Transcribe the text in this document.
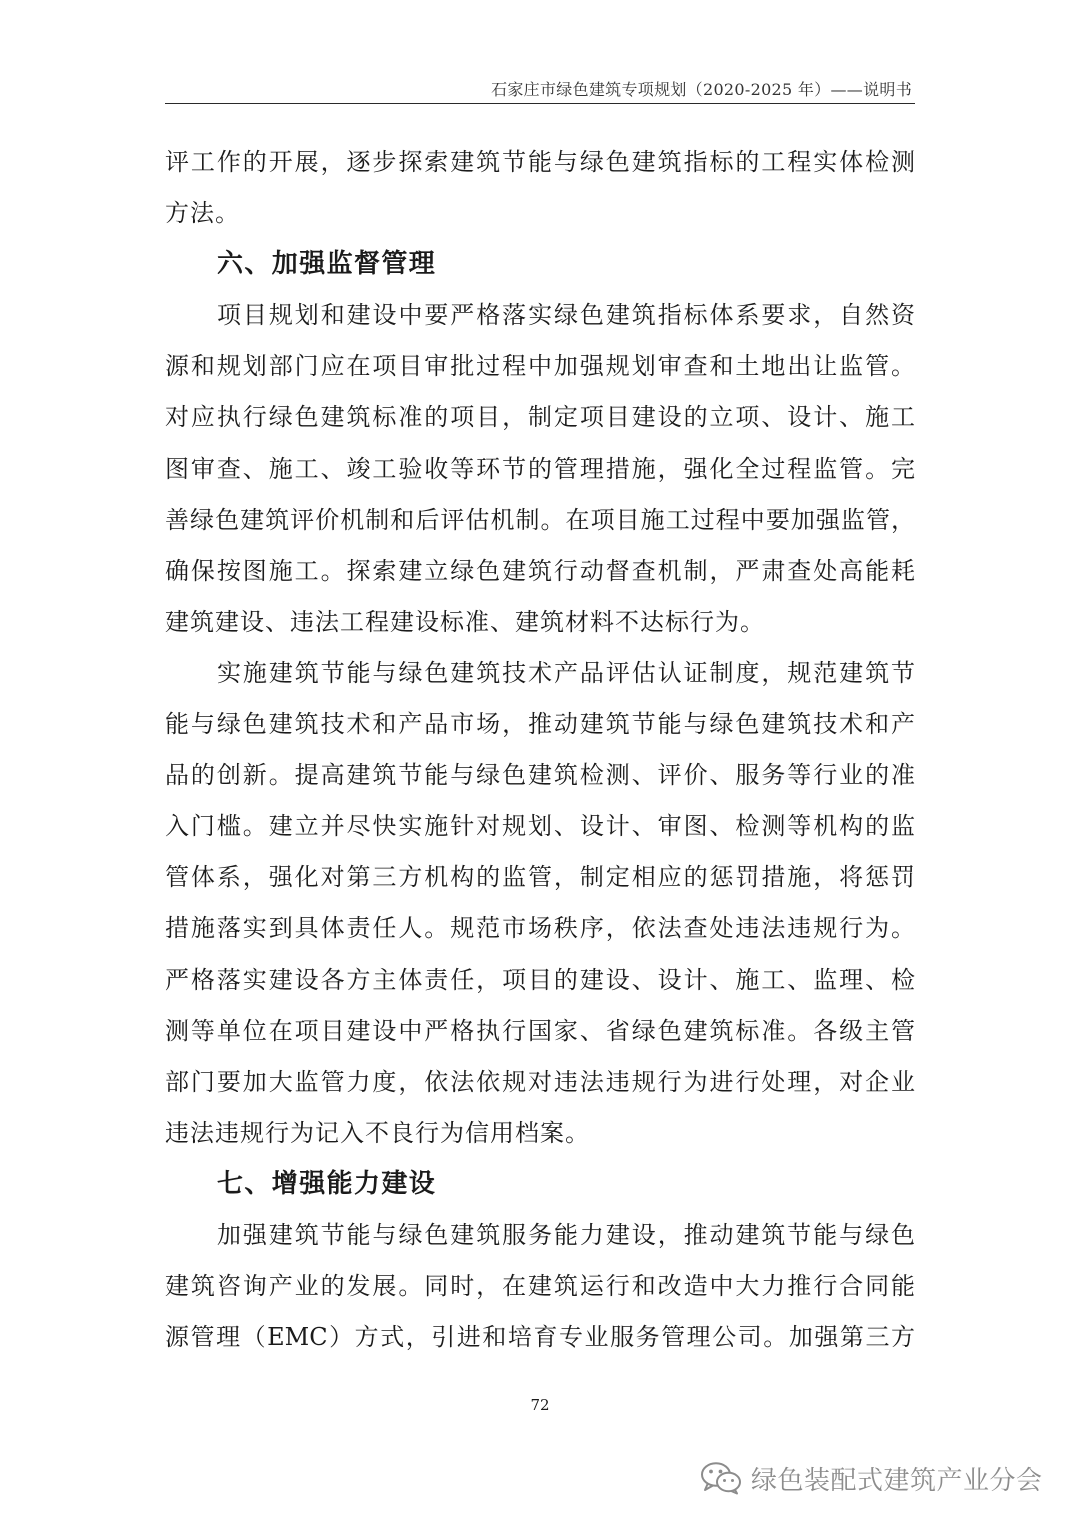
石家庄市绿色建筑专项规划（2020-2025 年）——说明书
评工作的开展，逐步探索建筑节能与绿色建筑指标的工程实体检测
方法。
六、加强监督管理
项目规划和建设中要严格落实绿色建筑指标体系要求，自然资
源和规划部门应在项目审批过程中加强规划审查和土地出让监管。
对应执行绿色建筑标准的项目，制定项目建设的立项、设计、施工
图审查、施工、竣工验收等环节的管理措施，强化全过程监管。完
善绿色建筑评价机制和后评估机制。在项目施工过程中要加强监管，
确保按图施工。探索建立绿色建筑行动督查机制，严肃查处高能耗
建筑建设、违法工程建设标准、建筑材料不达标行为。
实施建筑节能与绿色建筑技术产品评估认证制度，规范建筑节
能与绿色建筑技术和产品市场，推动建筑节能与绿色建筑技术和产
品的创新。提高建筑节能与绿色建筑检测、评价、服务等行业的准
入门槛。建立并尽快实施针对规划、设计、审图、检测等机构的监
管体系，强化对第三方机构的监管，制定相应的惩罚措施，将惩罚
措施落实到具体责任人。规范市场秩序，依法查处违法违规行为。
严格落实建设各方主体责任，项目的建设、设计、施工、监理、检
测等单位在项目建设中严格执行国家、省绿色建筑标准。各级主管
部门要加大监管力度，依法依规对违法违规行为进行处理，对企业
违法违规行为记入不良行为信用档案。
七、增强能力建设
加强建筑节能与绿色建筑服务能力建设，推动建筑节能与绿色
建筑咨询产业的发展。同时，在建筑运行和改造中大力推行合同能
源管理（EMC）方式，引进和培育专业服务管理公司。加强第三方
72
绿色装配式建筑产业分会
